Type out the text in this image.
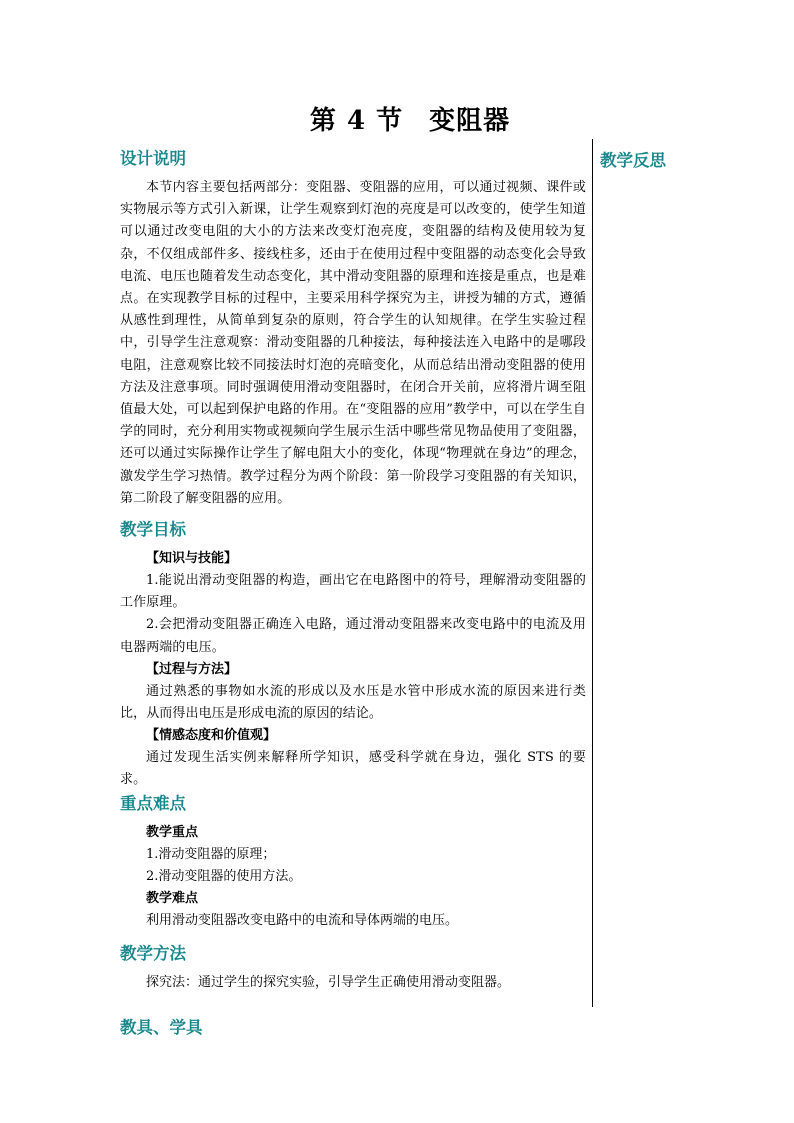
第 4 节 变阻器
教学反思
设计说明

本节内容主要包括两部分：变阻器、变阻器的应用，可以通过视频、课件或实物展示等方式引入新课，让学生观察到灯泡的亮度是可以改变的，使学生知道可以通过改变电阻的大小的方法来改变灯泡亮度，变阻器的结构及使用较为复杂，不仅组成部件多、接线柱多，还由于在使用过程中变阻器的动态变化会导致电流、电压也随着发生动态变化，其中滑动变阻器的原理和连接是重点，也是难点。在实现教学目标的过程中，主要采用科学探究为主，讲授为辅的方式，遵循从感性到理性，从简单到复杂的原则，符合学生的认知规律。在学生实验过程中，引导学生注意观察：滑动变阻器的几种接法，每种接法连入电路中的是哪段电阻，注意观察比较不同接法时灯泡的亮暗变化，从而总结出滑动变阻器的使用方法及注意事项。同时强调使用滑动变阻器时，在闭合开关前，应将滑片调至阻值最大处，可以起到保护电路的作用。在“变阻器的应用”教学中，可以在学生自学的同时，充分利用实物或视频向学生展示生活中哪些常见物品使用了变阻器，还可以通过实际操作让学生了解电阻大小的变化，体现“物理就在身边”的理念，激发学生学习热情。教学过程分为两个阶段：第一阶段学习变阻器的有关知识，第二阶段了解变阻器的应用。

教学目标

【知识与技能】

1.能说出滑动变阻器的构造，画出它在电路图中的符号，理解滑动变阻器的工作原理。

2.会把滑动变阻器正确连入电路，通过滑动变阻器来改变电路中的电流及用电器两端的电压。

【过程与方法】

通过熟悉的事物如水流的形成以及水压是水管中形成水流的原因来进行类比，从而得出电压是形成电流的原因的结论。

【情感态度和价值观】

通过发现生活实例来解释所学知识，感受科学就在身边，强化 STS 的要求。

重点难点

教学重点

1.滑动变阻器的原理；

2.滑动变阻器的使用方法。

教学难点

利用滑动变阻器改变电路中的电流和导体两端的电压。

教学方法

探究法：通过学生的探究实验，引导学生正确使用滑动变阻器。

教具、学具
